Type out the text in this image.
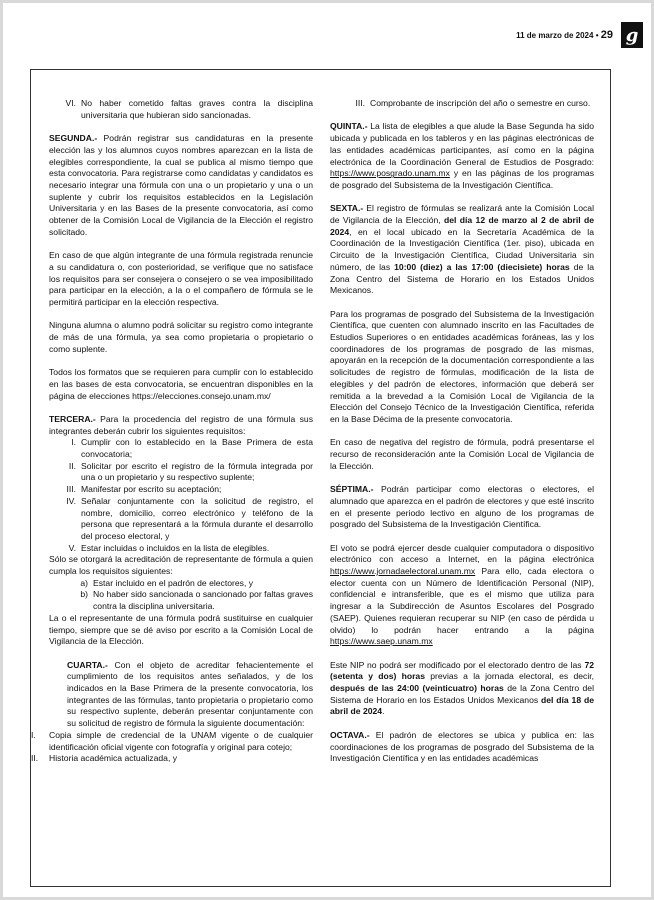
11 de marzo de 2024 • 29 g
VI. No haber cometido faltas graves contra la disciplina universitaria que hubieran sido sancionadas.

SEGUNDA.- Podrán registrar sus candidaturas en la presente elección las y los alumnos cuyos nombres aparezcan en la lista de elegibles correspondiente, la cual se publica al mismo tiempo que esta convocatoria. Para registrarse como candidatas y candidatos es necesario integrar una fórmula con una o un propietario y una o un suplente y cubrir los requisitos establecidos en la Legislación Universitaria y en las Bases de la presente convocatoria, así como obtener de la Comisión Local de Vigilancia de la Elección el registro solicitado.

En caso de que algún integrante de una fórmula registrada renuncie a su candidatura o, con posterioridad, se verifique que no satisface los requisitos para ser consejera o consejero o se vea imposibilitado para participar en la elección, a la o el compañero de fórmula se le permitirá participar en la elección respectiva.

Ninguna alumna o alumno podrá solicitar su registro como integrante de más de una fórmula, ya sea como propietaria o propietario o como suplente.

Todos los formatos que se requieren para cumplir con lo establecido en las bases de esta convocatoria, se encuentran disponibles en la página de elecciones https://elecciones.consejo.unam.mx/

TERCERA.- Para la procedencia del registro de una fórmula sus integrantes deberán cubrir los siguientes requisitos:

I. Cumplir con lo establecido en la Base Primera de esta convocatoria;
II. Solicitar por escrito el registro de la fórmula integrada por una o un propietario y su respectivo suplente;
III. Manifestar por escrito su aceptación;
IV. Señalar conjuntamente con la solicitud de registro, el nombre, domicilio, correo electrónico y teléfono de la persona que representará a la fórmula durante el desarrollo del proceso electoral, y
V. Estar incluidas o incluidos en la lista de elegibles.

Sólo se otorgará la acreditación de representante de fórmula a quien cumpla los requisitos siguientes:

a) Estar incluido en el padrón de electores, y
b) No haber sido sancionada o sancionado por faltas graves contra la disciplina universitaria.

La o el representante de una fórmula podrá sustituirse en cualquier tiempo, siempre que se dé aviso por escrito a la Comisión Local de Vigilancia de la Elección.

CUARTA.- Con el objeto de acreditar fehacientemente el cumplimiento de los requisitos antes señalados, y de los indicados en la Base Primera de la presente convocatoria, los integrantes de las fórmulas, tanto propietaria o propietario como su respectivo suplente, deberán presentar conjuntamente con su solicitud de registro de fórmula la siguiente documentación:

I.	Copia simple de credencial de la UNAM vigente o de cualquier identificación oficial vigente con fotografía y original para cotejo;
II.	Historia académica actualizada, y
III. Comprobante de inscripción del año o semestre en curso.

QUINTA.- La lista de elegibles a que alude la Base Segunda ha sido ubicada y publicada en los tableros y en las páginas electrónicas de las entidades académicas participantes, así como en la página electrónica de la Coordinación General de Estudios de Posgrado: https://www.posgrado.unam.mx y en las páginas de los programas de posgrado del Subsistema de la Investigación Científica.

SEXTA.- El registro de fórmulas se realizará ante la Comisión Local de Vigilancia de la Elección, del día 12 de marzo al 2 de abril de 2024, en el local ubicado en la Secretaría Académica de la Coordinación de la Investigación Científica (1er. piso), ubicada en Circuito de la Investigación Científica, Ciudad Universitaria sin número, de las 10:00 (diez) a las 17:00 (diecisiete) horas de la Zona Centro del Sistema de Horario en los Estados Unidos Mexicanos.

Para los programas de posgrado del Subsistema de la Investigación Científica, que cuenten con alumnado inscrito en las Facultades de Estudios Superiores o en entidades académicas foráneas, las y los coordinadores de los programas de posgrado de las mismas, apoyarán en la recepción de la documentación correspondiente a las solicitudes de registro de fórmulas, modificación de la lista de elegibles y del padrón de electores, información que deberá ser remitida a la brevedad a la Comisión Local de Vigilancia de la Elección del Consejo Técnico de la Investigación Científica, referida en la Base Décima de la presente convocatoria.

En caso de negativa del registro de fórmula, podrá presentarse el recurso de reconsideración ante la Comisión Local de Vigilancia de la Elección.

SÉPTIMA.- Podrán participar como electoras o electores, el alumnado que aparezca en el padrón de electores y que esté inscrito en el presente periodo lectivo en alguno de los programas de posgrado del Subsistema de la Investigación Científica.

El voto se podrá ejercer desde cualquier computadora o dispositivo electrónico con acceso a Internet, en la página electrónica https://www.jornadaelectoral.unam.mx Para ello, cada electora o elector cuenta con un Número de Identificación Personal (NIP), confidencial e intransferible, que es el mismo que utiliza para ingresar a la Subdirección de Asuntos Escolares del Posgrado (SAEP). Quienes requieran recuperar su NIP (en caso de pérdida u olvido) lo podrán hacer entrando a la página https://www.saep.unam.mx

Este NIP no podrá ser modificado por el electorado dentro de las 72 (setenta y dos) horas previas a la jornada electoral, es decir, después de las 24:00 (veinticuatro) horas de la Zona Centro del Sistema de Horario en los Estados Unidos Mexicanos del día 18 de abril de 2024.

OCTAVA.- El padrón de electores se ubica y publica en: las coordinaciones de los programas de posgrado del Subsistema de la Investigación Científica y en las entidades académicas
